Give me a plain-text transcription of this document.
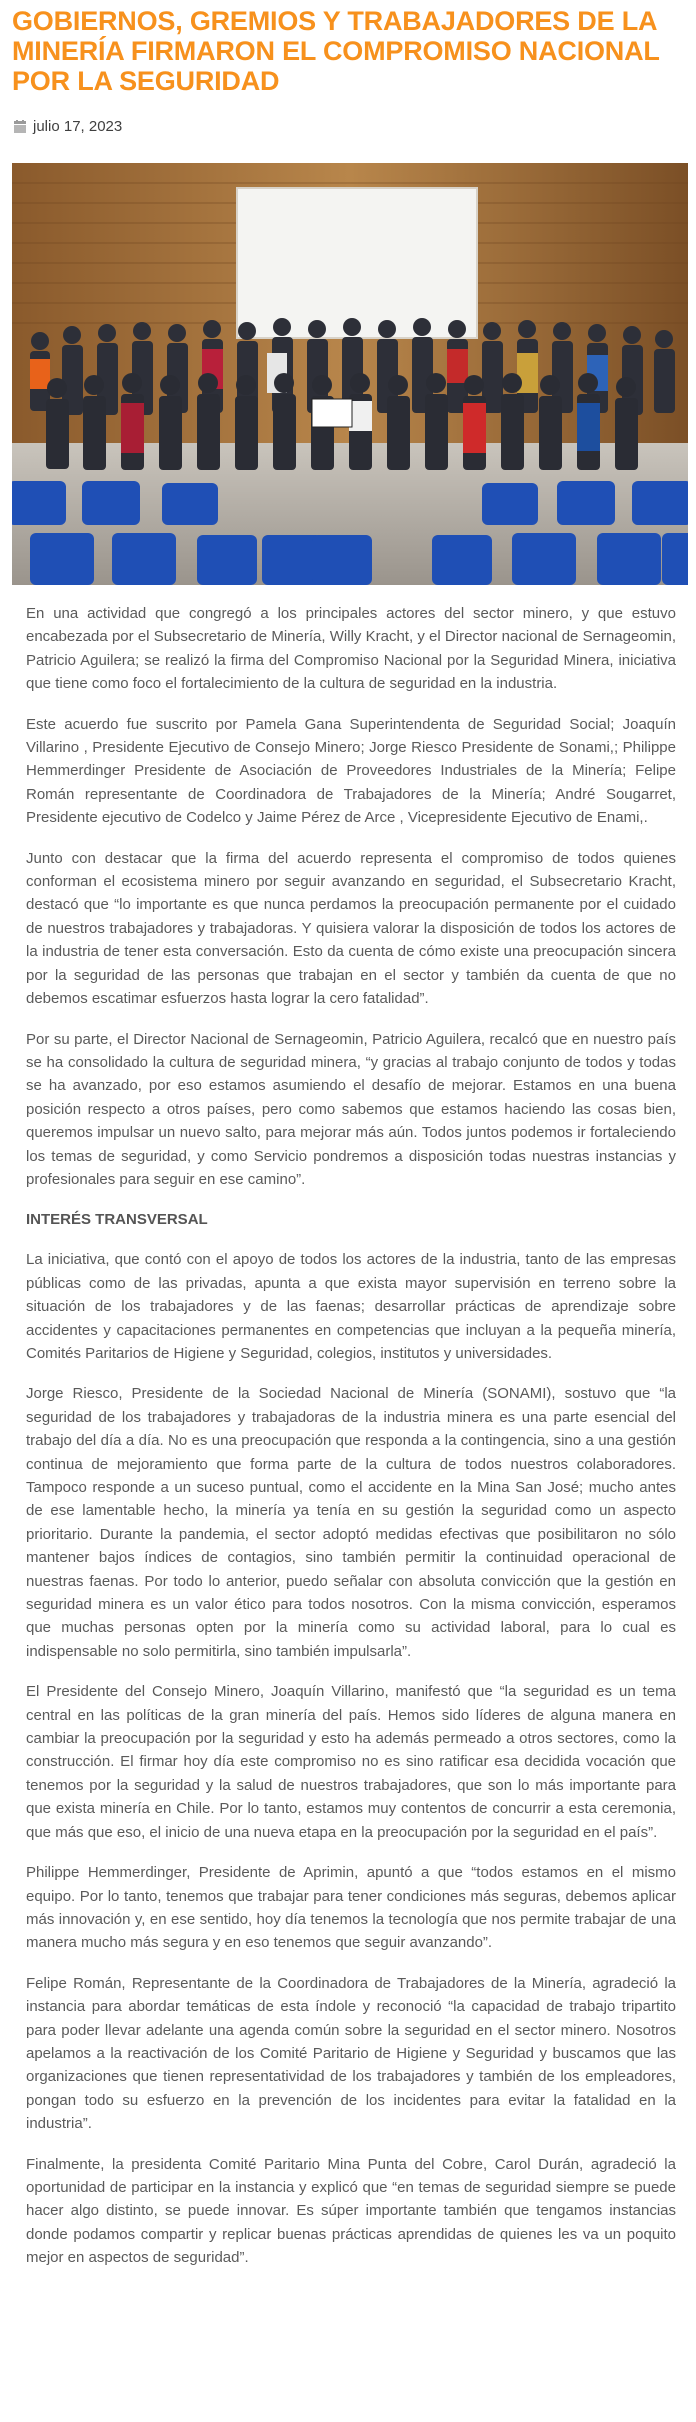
GOBIERNOS, GREMIOS Y TRABAJADORES DE LA MINERÍA FIRMARON EL COMPROMISO NACIONAL POR LA SEGURIDAD
julio 17, 2023

En una actividad que congregó a los principales actores del sector minero, y que estuvo encabezada por el Subsecretario de Minería, Willy Kracht, y el Director nacional de Sernageomin, Patricio Aguilera; se realizó la firma del Compromiso Nacional por la Seguridad Minera, iniciativa que tiene como foco el fortalecimiento de la cultura de seguridad en la industria.

Este acuerdo fue suscrito por Pamela Gana Superintendenta de Seguridad Social; Joaquín Villarino , Presidente Ejecutivo de Consejo Minero; Jorge Riesco Presidente de Sonami,; Philippe Hemmerdinger Presidente de Asociación de Proveedores Industriales de la Minería; Felipe Román representante de Coordinadora de Trabajadores de la Minería; André Sougarret, Presidente ejecutivo de Codelco y Jaime Pérez de Arce , Vicepresidente Ejecutivo de Enami,.

Junto con destacar que la firma del acuerdo representa el compromiso de todos quienes conforman el ecosistema minero por seguir avanzando en seguridad, el Subsecretario Kracht, destacó que “lo importante es que nunca perdamos la preocupación permanente por el cuidado de nuestros trabajadores y trabajadoras. Y quisiera valorar la disposición de todos los actores de la industria de tener esta conversación. Esto da cuenta de cómo existe una preocupación sincera por la seguridad de las personas que trabajan en el sector y también da cuenta de que no debemos escatimar esfuerzos hasta lograr la cero fatalidad”.

Por su parte, el Director Nacional de Sernageomin, Patricio Aguilera, recalcó que en nuestro país se ha consolidado la cultura de seguridad minera, “y gracias al trabajo conjunto de todos y todas se ha avanzado, por eso estamos asumiendo el desafío de mejorar. Estamos en una buena posición respecto a otros países, pero como sabemos que estamos haciendo las cosas bien, queremos impulsar un nuevo salto, para mejorar más aún. Todos juntos podemos ir fortaleciendo los temas de seguridad, y como Servicio pondremos a disposición todas nuestras instancias y profesionales para seguir en ese camino”.

INTERÉS TRANSVERSAL

La iniciativa, que contó con el apoyo de todos los actores de la industria, tanto de las empresas públicas como de las privadas, apunta a que exista mayor supervisión en terreno sobre la situación de los trabajadores y de las faenas; desarrollar prácticas de aprendizaje sobre accidentes y capacitaciones permanentes en competencias que incluyan a la pequeña minería, Comités Paritarios de Higiene y Seguridad, colegios, institutos y universidades.

Jorge Riesco, Presidente de la Sociedad Nacional de Minería (SONAMI), sostuvo que “la seguridad de los trabajadores y trabajadoras de la industria minera es una parte esencial del trabajo del día a día. No es una preocupación que responda a la contingencia, sino a una gestión continua de mejoramiento que forma parte de la cultura de todos nuestros colaboradores. Tampoco responde a un suceso puntual, como el accidente en la Mina San José; mucho antes de ese lamentable hecho, la minería ya tenía en su gestión la seguridad como un aspecto prioritario. Durante la pandemia, el sector adoptó medidas efectivas que posibilitaron no sólo mantener bajos índices de contagios, sino también permitir la continuidad operacional de nuestras faenas. Por todo lo anterior, puedo señalar con absoluta convicción que la gestión en seguridad minera es un valor ético para todos nosotros. Con la misma convicción, esperamos que muchas personas opten por la minería como su actividad laboral, para lo cual es indispensable no solo permitirla, sino también impulsarla”.

El Presidente del Consejo Minero, Joaquín Villarino, manifestó que “la seguridad es un tema central en las políticas de la gran minería del país. Hemos sido líderes de alguna manera en cambiar la preocupación por la seguridad y esto ha además permeado a otros sectores, como la construcción. El firmar hoy día este compromiso no es sino ratificar esa decidida vocación que tenemos por la seguridad y la salud de nuestros trabajadores, que son lo más importante para que exista minería en Chile. Por lo tanto, estamos muy contentos de concurrir a esta ceremonia, que más que eso, el inicio de una nueva etapa en la preocupación por la seguridad en el país”.

Philippe Hemmerdinger, Presidente de Aprimin, apuntó a que “todos estamos en el mismo equipo. Por lo tanto, tenemos que trabajar para tener condiciones más seguras, debemos aplicar más innovación y, en ese sentido, hoy día tenemos la tecnología que nos permite trabajar de una manera mucho más segura y en eso tenemos que seguir avanzando”.

Felipe Román, Representante de la Coordinadora de Trabajadores de la Minería, agradeció la instancia para abordar temáticas de esta índole y reconoció “la capacidad de trabajo tripartito para poder llevar adelante una agenda común sobre la seguridad en el sector minero. Nosotros apelamos a la reactivación de los Comité Paritario de Higiene y Seguridad y buscamos que las organizaciones que tienen representatividad de los trabajadores y también de los empleadores, pongan todo su esfuerzo en la prevención de los incidentes para evitar la fatalidad en la industria”.

Finalmente, la presidenta Comité Paritario Mina Punta del Cobre, Carol Durán, agradeció la oportunidad de participar en la instancia y explicó que “en temas de seguridad siempre se puede hacer algo distinto, se puede innovar. Es súper importante también que tengamos instancias donde podamos compartir y replicar buenas prácticas aprendidas de quienes les va un poquito mejor en aspectos de seguridad”.
